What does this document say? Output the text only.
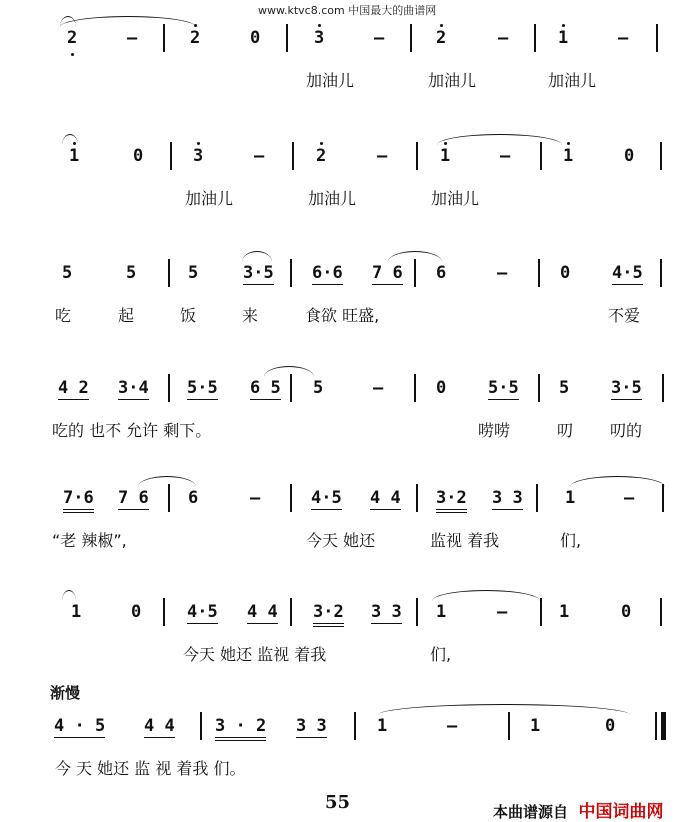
www.ktvc8.com 中国最大的曲谱网
2	—	2	0	3	—	2	—	1	—
加油儿	加油儿	加油儿
1	0	3	—	2	—	1	—	1	0
加油儿	加油儿	加油儿
5	5	5	3·5 6·6 7 6 6	—	0 4·5
吃	起	饭	来	食欲 旺盛,	不爱
4 2 3·4 5·5 6 5 5	—	0 5·5 5 3·5
吃的 也不 允许 剩下。	唠唠	叨 叨的
7·6 7 6 6	—	4·5 4 4 3·2 3 3 1	—
“老 辣椒”,	今天 她还	监视 着我	们,
1	0	4·5 4 4 3·2 3 3 1	—	1	0
今天 她还 监视 着我	们,
4 · 5 4 4 3 · 2 3 3	1	—	1	0
今 天 她还 监 视 着我 们。
渐慢
55	本曲谱源自 中国词曲网
